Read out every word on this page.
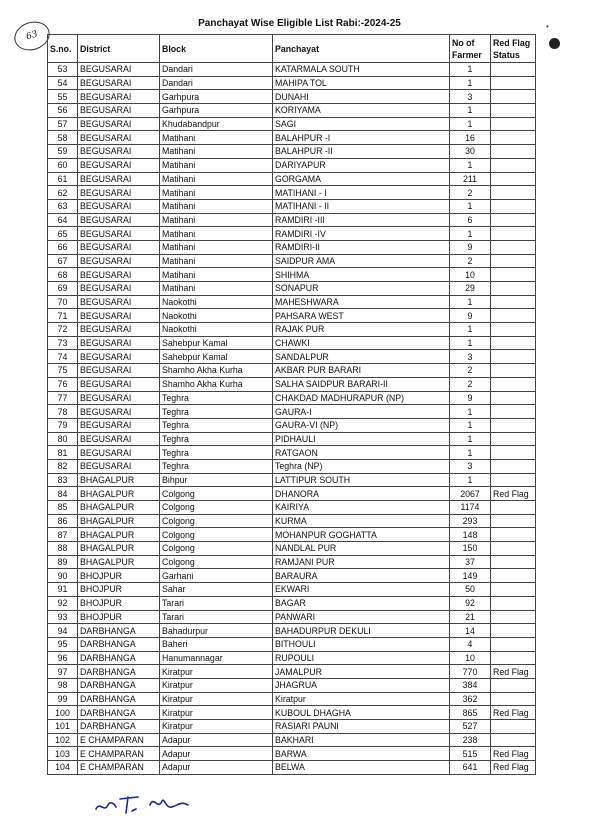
Panchayat Wise Eligible List Rabi:-2024-25
63
•
S.no.	District	Block	Panchayat	No of Farmer	Red Flag Status
53	BEGUSARAI	Dandari	KATARMALA SOUTH	1	
54	BEGUSARAI	Dandari	MAHIPA TOL	1	
55	BEGUSARAI	Garhpura	DUNAHI	3	
56	BEGUSARAI	Garhpura	KORIYAMA	1	
57	BEGUSARAI	Khudabandpur	SAGI	1	
58	BEGUSARAI	Matihani	BALAHPUR -I	16	
59	BEGUSARAI	Matihani	BALAHPUR -II	30	
60	BEGUSARAI	Matihani	DARIYAPUR	1	
61	BEGUSARAI	Matihani	GORGAMA	211	
62	BEGUSARAI	Matihani	MATIHANI - I	2	
63	BEGUSARAI	Matihani	MATIHANI - II	1	
64	BEGUSARAI	Matihani	RAMDIRI -III	6	
65	BEGUSARAI	Matihani	RAMDIRI -IV	1	
66	BEGUSARAI	Matihani	RAMDIRI-II	9	
67	BEGUSARAI	Matihani	SAIDPUR AMA	2	
68	BEGUSARAI	Matihani	SHIHMA	10	
69	BEGUSARAI	Matihani	SONAPUR	29	
70	BEGUSARAI	Naokothi	MAHESHWARA	1	
71	BEGUSARAI	Naokothi	PAHSARA WEST	9	
72	BEGUSARAI	Naokothi	RAJAK PUR	1	
73	BEGUSARAI	Sahebpur Kamal	CHAWKI	1	
74	BEGUSARAI	Sahebpur Kamal	SANDALPUR	3	
75	BEGUSARAI	Shamho Akha Kurha	AKBAR PUR BARARI	2	
76	BEGUSARAI	Shamho Akha Kurha	SALHA SAIDPUR BARARI-II	2	
77	BEGUSARAI	Teghra	CHAKDAD MADHURAPUR (NP)	9	
78	BEGUSARAI	Teghra	GAURA-I	1	
79	BEGUSARAI	Teghra	GAURA-VI (NP)	1	
80	BEGUSARAI	Teghra	PIDHAULI	1	
81	BEGUSARAI	Teghra	RATGAON	1	
82	BEGUSARAI	Teghra	Teghra (NP)	3	
83	BHAGALPUR	Bihpur	LATTIPUR SOUTH	1	
84	BHAGALPUR	Colgong	DHANORA	2067	Red Flag
85	BHAGALPUR	Colgong	KAIRIYA	1174	
86	BHAGALPUR	Colgong	KURMA	293	
87	BHAGALPUR	Colgong	MOHANPUR GOGHATTA	148	
88	BHAGALPUR	Colgong	NANDLAL PUR	150	
89	BHAGALPUR	Colgong	RAMJANI PUR	37	
90	BHOJPUR	Garhani	BARAURA	149	
91	BHOJPUR	Sahar	EKWARI	50	
92	BHOJPUR	Tarari	BAGAR	92	
93	BHOJPUR	Tarari	PANWARI	21	
94	DARBHANGA	Bahadurpur	BAHADURPUR DEKULI	14	
95	DARBHANGA	Baheri	BITHOULI	4	
96	DARBHANGA	Hanumannagar	RUPOULI	10	
97	DARBHANGA	Kiratpur	JAMALPUR	770	Red Flag
98	DARBHANGA	Kiratpur	JHAGRUA	384	
99	DARBHANGA	Kiratpur	Kiratpur	362	
100	DARBHANGA	Kiratpur	KUBOUL DHAGHA	865	Red Flag
101	DARBHANGA	Kiratpur	RASIARI PAUNI	527	
102	E CHAMPARAN	Adapur	BAKHARI	238	
103	E CHAMPARAN	Adapur	BARWA	515	Red Flag
104	E CHAMPARAN	Adapur	BELWA	641	Red Flag
